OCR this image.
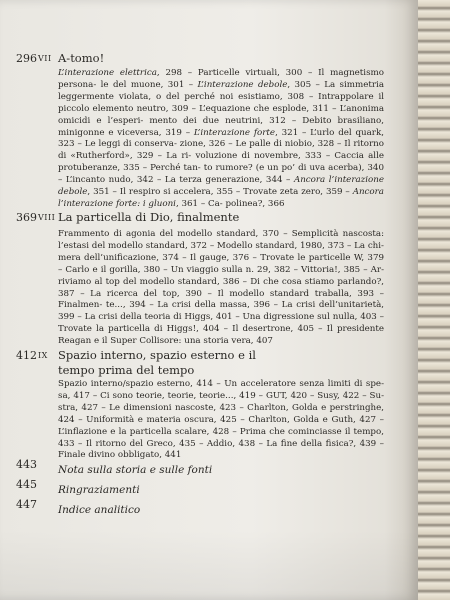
296 VII A-tomo!
L’interazione elettrica, 298 – Particelle virtuali, 300 – Il magnetismo persona- le del muone, 301 – L’interazione debole, 305 – La simmetria leggermente violata, o del perché noi esistiamo, 308 – Intrappolare il piccolo elemento neutro, 309 – L’equazione che esplode, 311 – L’anonima omicidi e l’esperi- mento dei due neutrini, 312 – Debito brasiliano, minigonne e viceversa, 319 – L’interazione forte, 321 – L’urlo del quark, 323 – Le leggi di conserva- zione, 326 – Le palle di niobio, 328 – Il ritorno di «Rutherford», 329 – La ri- voluzione di novembre, 333 – Caccia alle protuberanze, 335 – Perché tan- to rumore? (e un po’ di uva acerba), 340 – L’incanto nudo, 342 – La terza generazione, 344 – Ancora l’interazione debole, 351 – Il respiro si accelera, 355 – Trovate zeta zero, 359 – Ancora l’interazione forte: i gluoni, 361 – Ca- polinea?, 366
369 VIII La particella di Dio, finalmente
Frammento di agonia del modello standard, 370 – Semplicità nascosta: l’estasi del modello standard, 372 – Modello standard, 1980, 373 – La chi- mera dell’unificazione, 374 – Il gauge, 376 – Trovate le particelle W, 379 – Carlo e il gorilla, 380 – Un viaggio sulla n. 29, 382 – Vittoria!, 385 – Ar- riviamo al top del modello standard, 386 – Di che cosa stiamo parlando?, 387 – La ricerca del top, 390 – Il modello standard traballa, 393 – Finalmen- te..., 394 – La crisi della massa, 396 – La crisi dell’unitarietà, 399 – La crisi della teoria di Higgs, 401 – Una digressione sul nulla, 403 – Trovate la particella di Higgs!, 404 – Il desertrone, 405 – Il presidente Reagan e il Super Collisore: una storia vera, 407
412 IX Spazio interno, spazio esterno e il tempo prima del tempo
Spazio interno/spazio esterno, 414 – Un acceleratore senza limiti di spe- sa, 417 – Ci sono teorie, teorie, teorie..., 419 – GUT, 420 – Susy, 422 – Su- stra, 427 – Le dimensioni nascoste, 423 – Charlton, Golda e perstringhe, 424 – Uniformità e materia oscura, 425 – Charlton, Golda e Guth, 427 – L’inflazione e la particella scalare, 428 – Prima che cominciasse il tempo, 433 – Il ritorno del Greco, 435 – Addio, 438 – La fine della fisica?, 439 – Finale divino obbligato, 441
443 Nota sulla storia e sulle fonti
445 Ringraziamenti
447 Indice analitico
